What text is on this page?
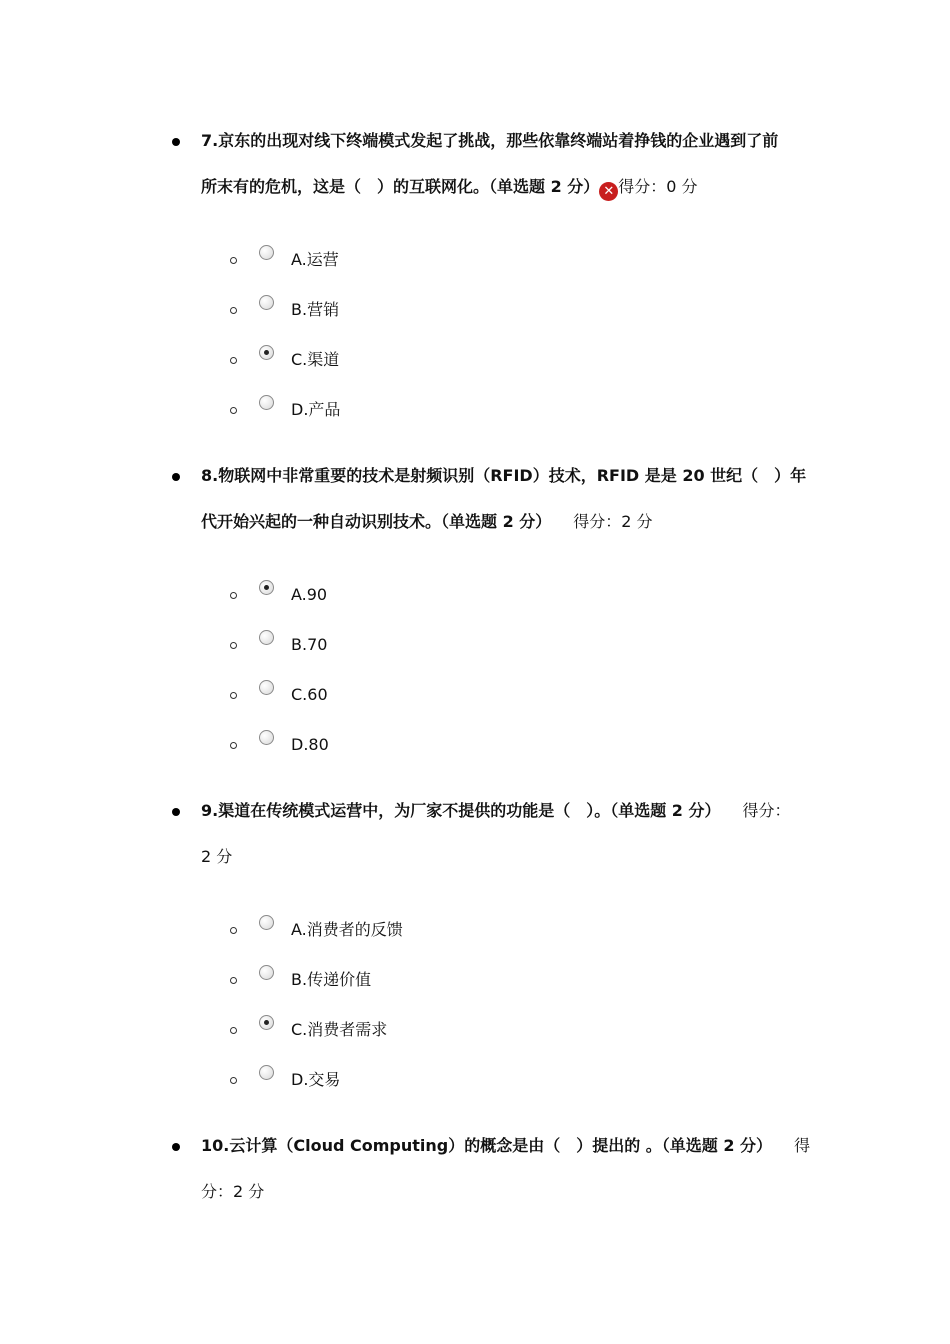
7.京东的出现对线下终端模式发起了挑战，那些依靠终端站着挣钱的企业遇到了前
所末有的危机，这是（　）的互联网化。（单选题 2 分） ✕ 得分：0 分
A.运营
B.营销
C.渠道
D.产品
8.物联网中非常重要的技术是射频识别（RFID）技术，RFID 是是 20 世纪（　）年
代开始兴起的一种自动识别技术。（单选题 2 分） 得分：2 分
A.90
B.70
C.60
D.80
9.渠道在传统模式运营中，为厂家不提供的功能是（　）。（单选题 2 分） 得分：
2 分
A.消费者的反馈
B.传递价值
C.消费者需求
D.交易
10.云计算（Cloud Computing）的概念是由（　）提出的 。（单选题 2 分） 得
分：2 分
